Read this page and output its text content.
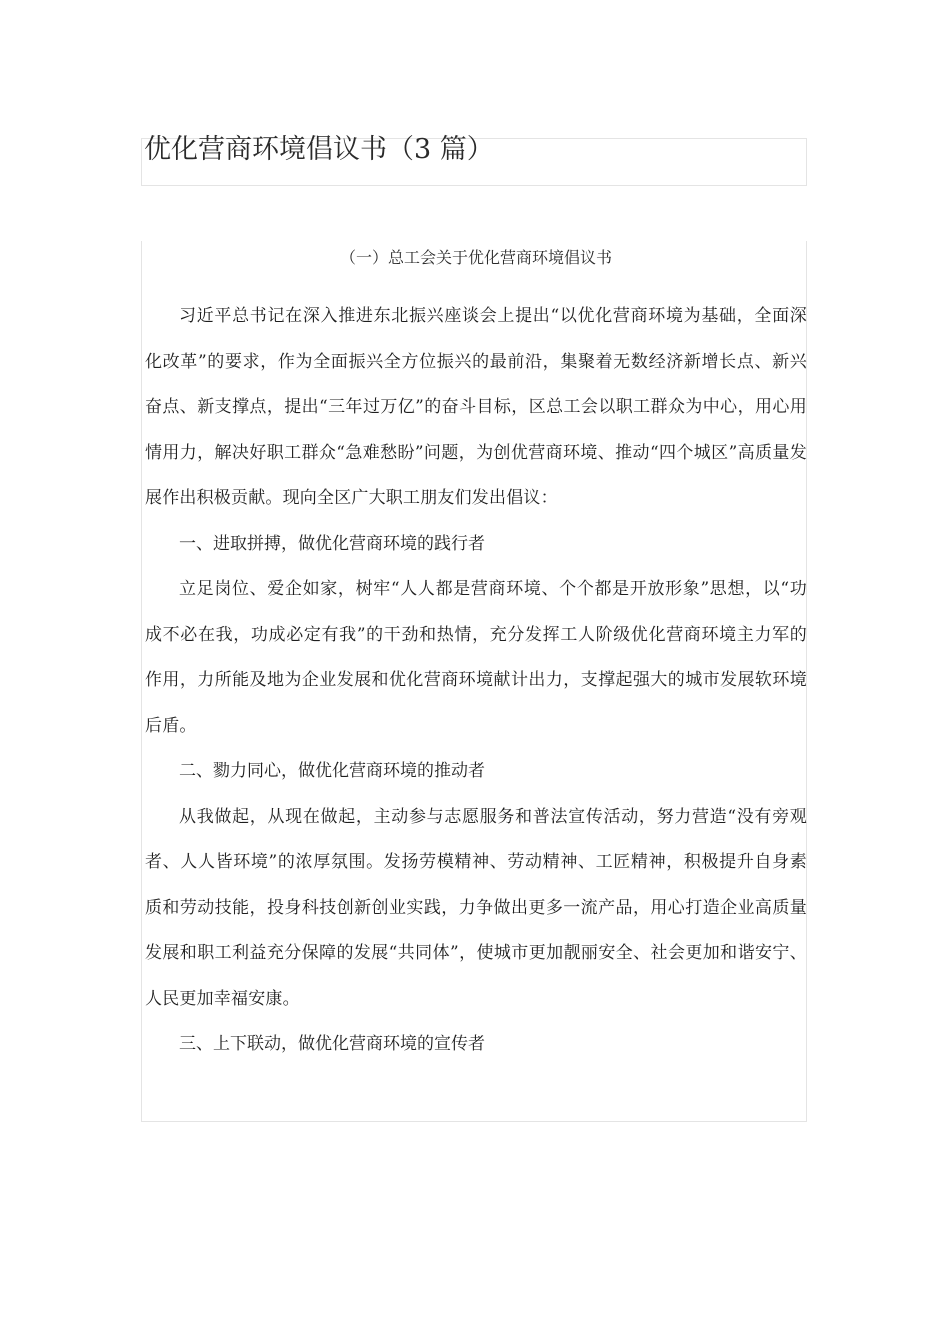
优化营商环境倡议书（3 篇）
（一）总工会关于优化营商环境倡议书

习近平总书记在深入推进东北振兴座谈会上提出“以优化营商环境为基础，全面深化改革”的要求，作为全面振兴全方位振兴的最前沿，集聚着无数经济新增长点、新兴奋点、新支撑点，提出“三年过万亿”的奋斗目标，区总工会以职工群众为中心，用心用情用力，解决好职工群众“急难愁盼”问题，为创优营商环境、推动“四个城区”高质量发展作出积极贡献。现向全区广大职工朋友们发出倡议：

一、进取拼搏，做优化营商环境的践行者

立足岗位、爱企如家，树牢“人人都是营商环境、个个都是开放形象”思想，以“功成不必在我，功成必定有我”的干劲和热情，充分发挥工人阶级优化营商环境主力军的作用，力所能及地为企业发展和优化营商环境献计出力，支撑起强大的城市发展软环境后盾。

二、勠力同心，做优化营商环境的推动者

从我做起，从现在做起，主动参与志愿服务和普法宣传活动，努力营造“没有旁观者、人人皆环境”的浓厚氛围。发扬劳模精神、劳动精神、工匠精神，积极提升自身素质和劳动技能，投身科技创新创业实践，力争做出更多一流产品，用心打造企业高质量发展和职工利益充分保障的发展“共同体”，使城市更加靓丽安全、社会更加和谐安宁、人民更加幸福安康。

三、上下联动，做优化营商环境的宣传者
